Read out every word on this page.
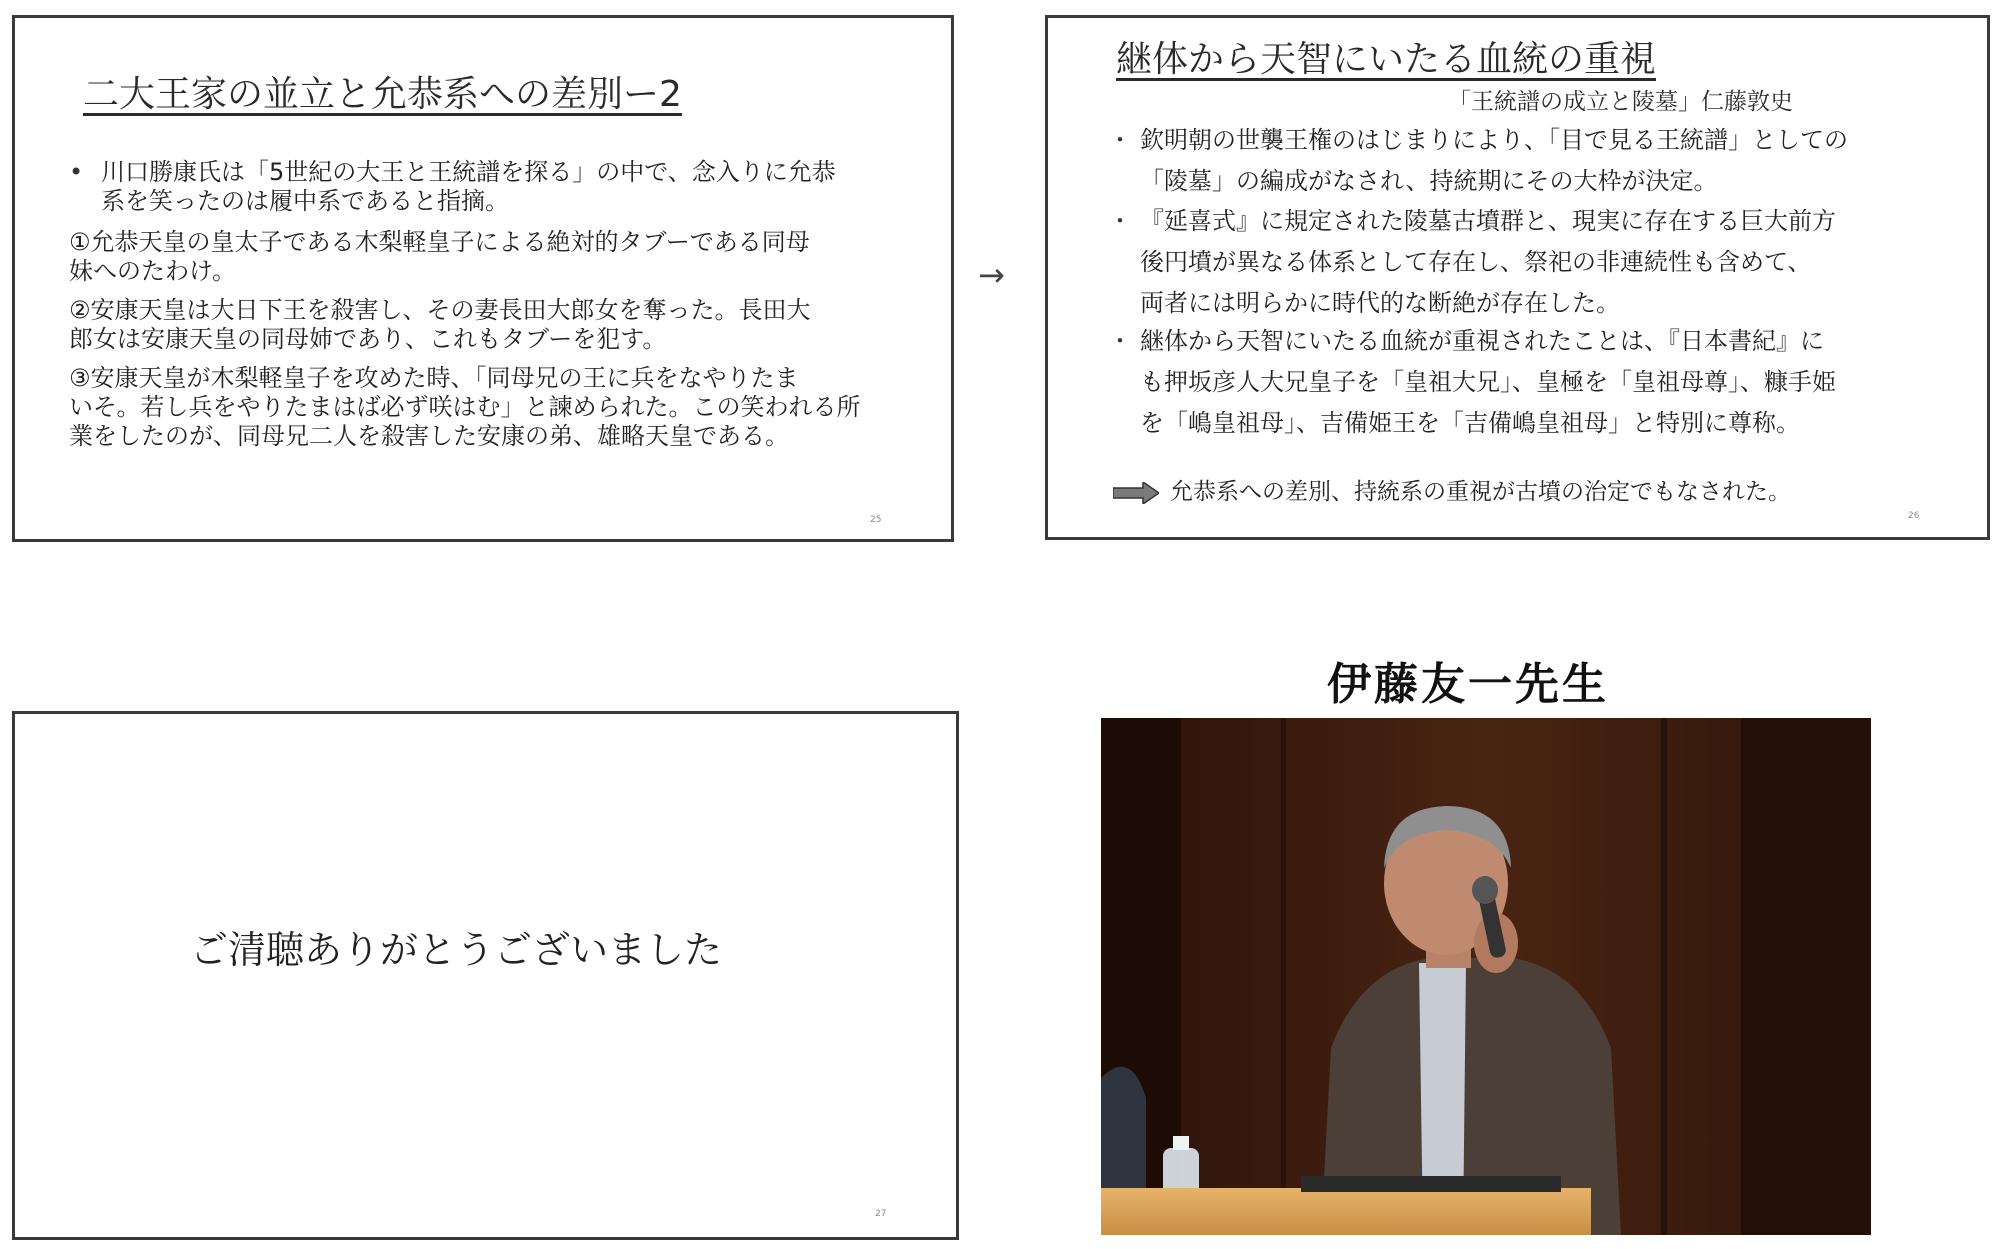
二大王家の並立と允恭系への差別ー2
• 川口勝康氏は「5世紀の大王と王統譜を探る」の中で、念入りに允恭
系を笑ったのは履中系であると指摘。
①允恭天皇の皇太子である木梨軽皇子による絶対的タブーである同母
妹へのたわけ。
②安康天皇は大日下王を殺害し、その妻長田大郎女を奪った。長田大
郎女は安康天皇の同母姉であり、これもタブーを犯す。
③安康天皇が木梨軽皇子を攻めた時、「同母兄の王に兵をなやりたま
いそ。若し兵をやりたまはば必ず咲はむ」と諫められた。この笑われる所
業をしたのが、同母兄二人を殺害した安康の弟、雄略天皇である。
25
→
継体から天智にいたる血統の重視
「王統譜の成立と陵墓」仁藤敦史
・ 欽明朝の世襲王権のはじまりにより、「目で見る王統譜」としての
「陵墓」の編成がなされ、持統期にその大枠が決定。
・ 『延喜式』に規定された陵墓古墳群と、現実に存在する巨大前方
後円墳が異なる体系として存在し、祭祀の非連続性も含めて、
両者には明らかに時代的な断絶が存在した。
・ 継体から天智にいたる血統が重視されたことは、『日本書紀』に
も押坂彦人大兄皇子を「皇祖大兄」、皇極を「皇祖母尊」、糠手姫
を「嶋皇祖母」、吉備姫王を「吉備嶋皇祖母」と特別に尊称。
允恭系への差別、持統系の重視が古墳の治定でもなされた。
26
ご清聴ありがとうございました
27
伊藤友一先生
